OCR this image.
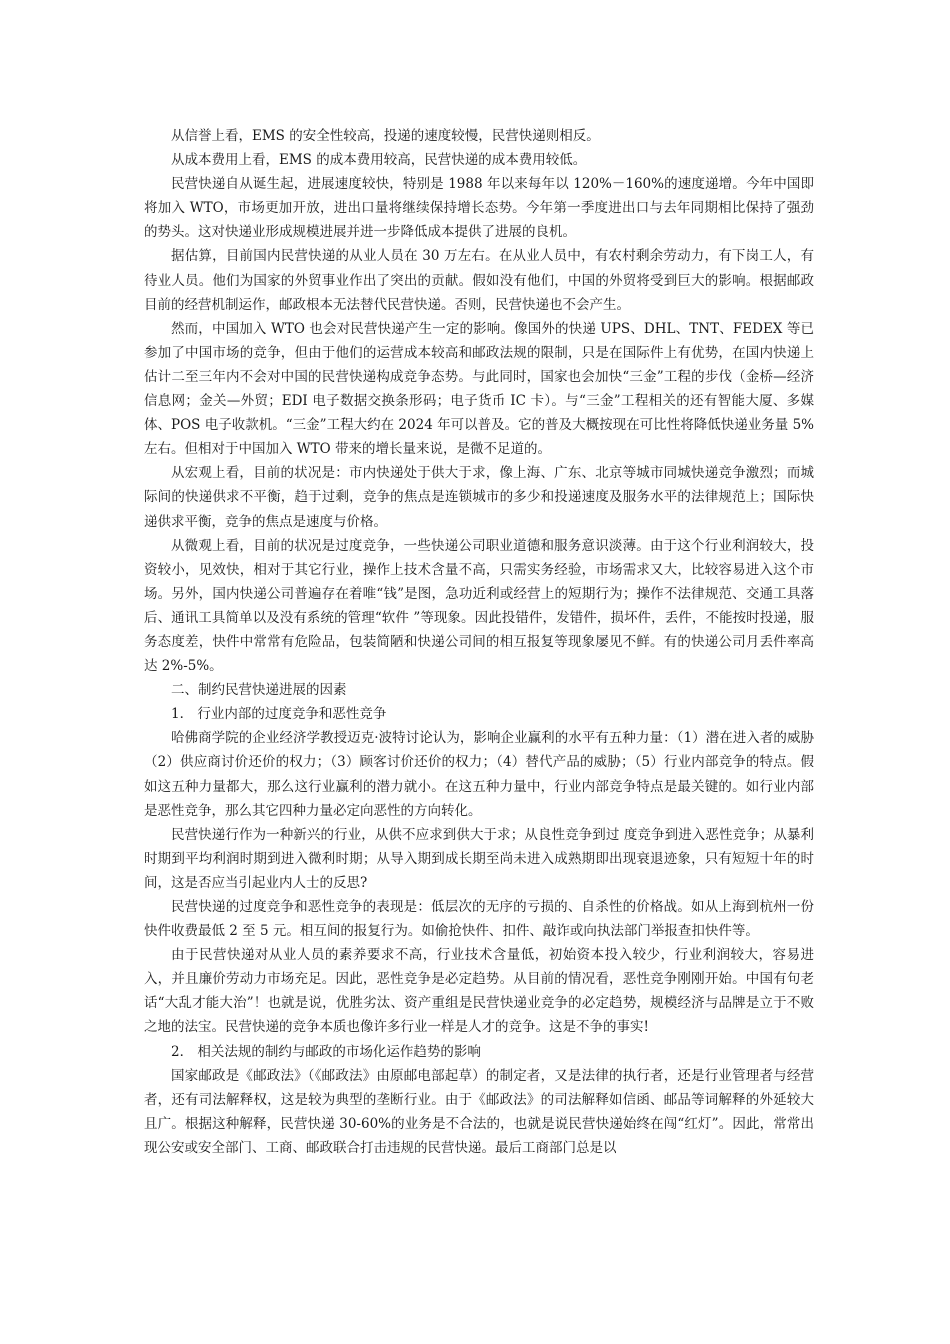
从信誉上看，EMS 的安全性较高，投递的速度较慢，民营快递则相反。

从成本费用上看，EMS 的成本费用较高，民营快递的成本费用较低。

民营快递自从诞生起，进展速度较快，特别是 1988 年以来每年以 120%－160%的速度递增。今年中国即将加入 WTO，市场更加开放，进出口量将继续保持增长态势。今年第一季度进出口与去年同期相比保持了强劲的势头。这对快递业形成规模进展并进一步降低成本提供了进展的良机。

据估算，目前国内民营快递的从业人员在 30 万左右。在从业人员中，有农村剩余劳动力，有下岗工人，有待业人员。他们为国家的外贸事业作出了突出的贡献。假如没有他们，中国的外贸将受到巨大的影响。根据邮政目前的经营机制运作，邮政根本无法替代民营快递。否则，民营快递也不会产生。

然而，中国加入 WTO 也会对民营快递产生一定的影响。像国外的快递 UPS、DHL、TNT、FEDEX 等已参加了中国市场的竞争，但由于他们的运营成本较高和邮政法规的限制，只是在国际件上有优势，在国内快递上估计二至三年内不会对中国的民营快递构成竞争态势。与此同时，国家也会加快“三金”工程的步伐（金桥—经济信息网；金关—外贸；EDI 电子数据交换条形码；电子货币 IC 卡）。与“三金”工程相关的还有智能大厦、多媒体、POS 电子收款机。“三金”工程大约在 2024 年可以普及。它的普及大概按现在可比性将降低快递业务量 5%左右。但相对于中国加入 WTO 带来的增长量来说，是微不足道的。

从宏观上看，目前的状况是：市内快递处于供大于求，像上海、广东、北京等城市同城快递竞争激烈；而城际间的快递供求不平衡，趋于过剩，竞争的焦点是连锁城市的多少和投递速度及服务水平的法律规范上；国际快递供求平衡，竞争的焦点是速度与价格。

从微观上看，目前的状况是过度竞争，一些快递公司职业道德和服务意识淡薄。由于这个行业利润较大，投资较小，见效快，相对于其它行业，操作上技术含量不高，只需实务经验，市场需求又大，比较容易进入这个市场。另外，国内快递公司普遍存在着唯“钱”是图，急功近利或经营上的短期行为；操作不法律规范、交通工具落后、通讯工具简单以及没有系统的管理“软件 ”等现象。因此投错件，发错件，损坏件，丢件，不能按时投递，服务态度差，快件中常常有危险品，包装简陋和快递公司间的相互报复等现象屡见不鲜。有的快递公司月丢件率高达 2%-5%。

二、制约民营快递进展的因素

1． 行业内部的过度竞争和恶性竞争

哈佛商学院的企业经济学教授迈克·波特讨论认为，影响企业赢利的水平有五种力量：（1）潜在进入者的威胁（2）供应商讨价还价的权力；（3）顾客讨价还价的权力；（4）替代产品的威胁；（5）行业内部竞争的特点。假如这五种力量都大，那么这行业赢利的潜力就小。在这五种力量中，行业内部竞争特点是最关键的。如行业内部是恶性竞争，那么其它四种力量必定向恶性的方向转化。

民营快递行作为一种新兴的行业，从供不应求到供大于求；从良性竞争到过 度竞争到进入恶性竞争；从暴利时期到平均利润时期到进入微利时期；从导入期到成长期至尚未进入成熟期即出现衰退迹象，只有短短十年的时间，这是否应当引起业内人士的反思?

民营快递的过度竞争和恶性竞争的表现是：低层次的无序的亏损的、自杀性的价格战。如从上海到杭州一份快件收费最低 2 至 5 元。相互间的报复行为。如偷抢快件、扣件、敲诈或向执法部门举报查扣快件等。

由于民营快递对从业人员的素养要求不高，行业技术含量低，初始资本投入较少，行业利润较大，容易进入，并且廉价劳动力市场充足。因此，恶性竞争是必定趋势。从目前的情况看，恶性竞争刚刚开始。中国有句老话“大乱才能大治”！也就是说，优胜劣汰、资产重组是民营快递业竞争的必定趋势，规模经济与品牌是立于不败之地的法宝。民营快递的竞争本质也像许多行业一样是人才的竞争。这是不争的事实!

2． 相关法规的制约与邮政的市场化运作趋势的影响

国家邮政是《邮政法》（《邮政法》由原邮电部起草）的制定者，又是法律的执行者，还是行业管理者与经营者，还有司法解释权，这是较为典型的垄断行业。由于《邮政法》的司法解释如信函、邮品等词解释的外延较大且广。根据这种解释，民营快递 30-60%的业务是不合法的，也就是说民营快递始终在闯“红灯”。因此，常常出现公安或安全部门、工商、邮政联合打击违规的民营快递。最后工商部门总是以
